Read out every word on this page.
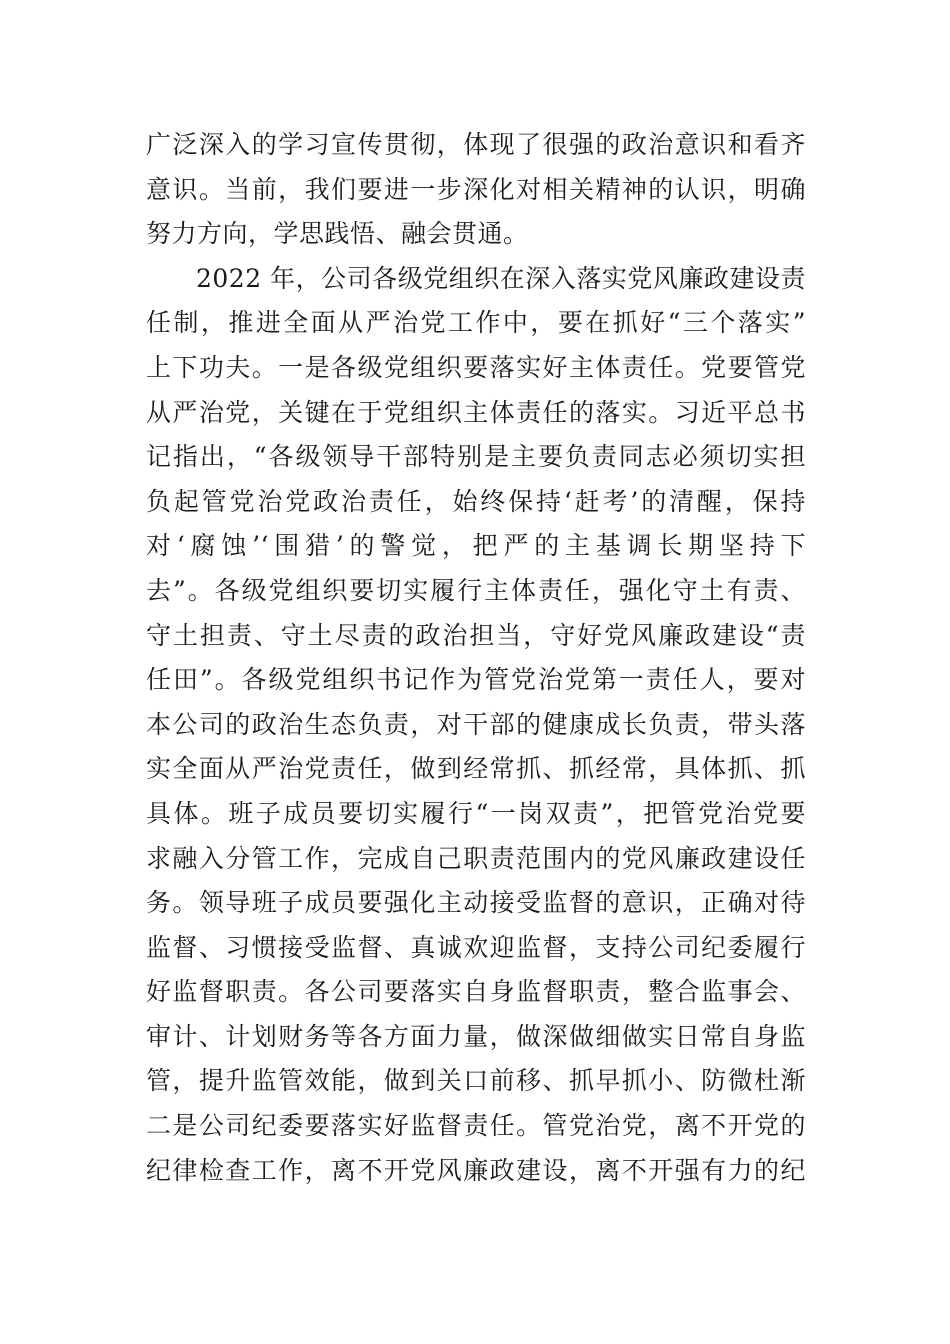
广泛深入的学习宣传贯彻，体现了很强的政治意识和看齐
意识。当前，我们要进一步深化对相关精神的认识，明确
努力方向，学思践悟、融会贯通。
2022 年，公司各级党组织在深入落实党风廉政建设责
任制，推进全面从严治党工作中，要在抓好“三个落实”
上下功夫。一是各级党组织要落实好主体责任。党要管党
从严治党，关键在于党组织主体责任的落实。习近平总书
记指出，“各级领导干部特别是主要负责同志必须切实担
负起管党治党政治责任，始终保持‘赶考’的清醒，保持
对‘腐蚀’‘围猎’的警觉，把严的主基调长期坚持下
去”。各级党组织要切实履行主体责任，强化守土有责、
守土担责、守土尽责的政治担当，守好党风廉政建设“责
任田”。各级党组织书记作为管党治党第一责任人，要对
本公司的政治生态负责，对干部的健康成长负责，带头落
实全面从严治党责任，做到经常抓、抓经常，具体抓、抓
具体。班子成员要切实履行“一岗双责”，把管党治党要
求融入分管工作，完成自己职责范围内的党风廉政建设任
务。领导班子成员要强化主动接受监督的意识，正确对待
监督、习惯接受监督、真诚欢迎监督，支持公司纪委履行
好监督职责。各公司要落实自身监督职责，整合监事会、
审计、计划财务等各方面力量，做深做细做实日常自身监
管，提升监管效能，做到关口前移、抓早抓小、防微杜渐
二是公司纪委要落实好监督责任。管党治党，离不开党的
纪律检查工作，离不开党风廉政建设，离不开强有力的纪
